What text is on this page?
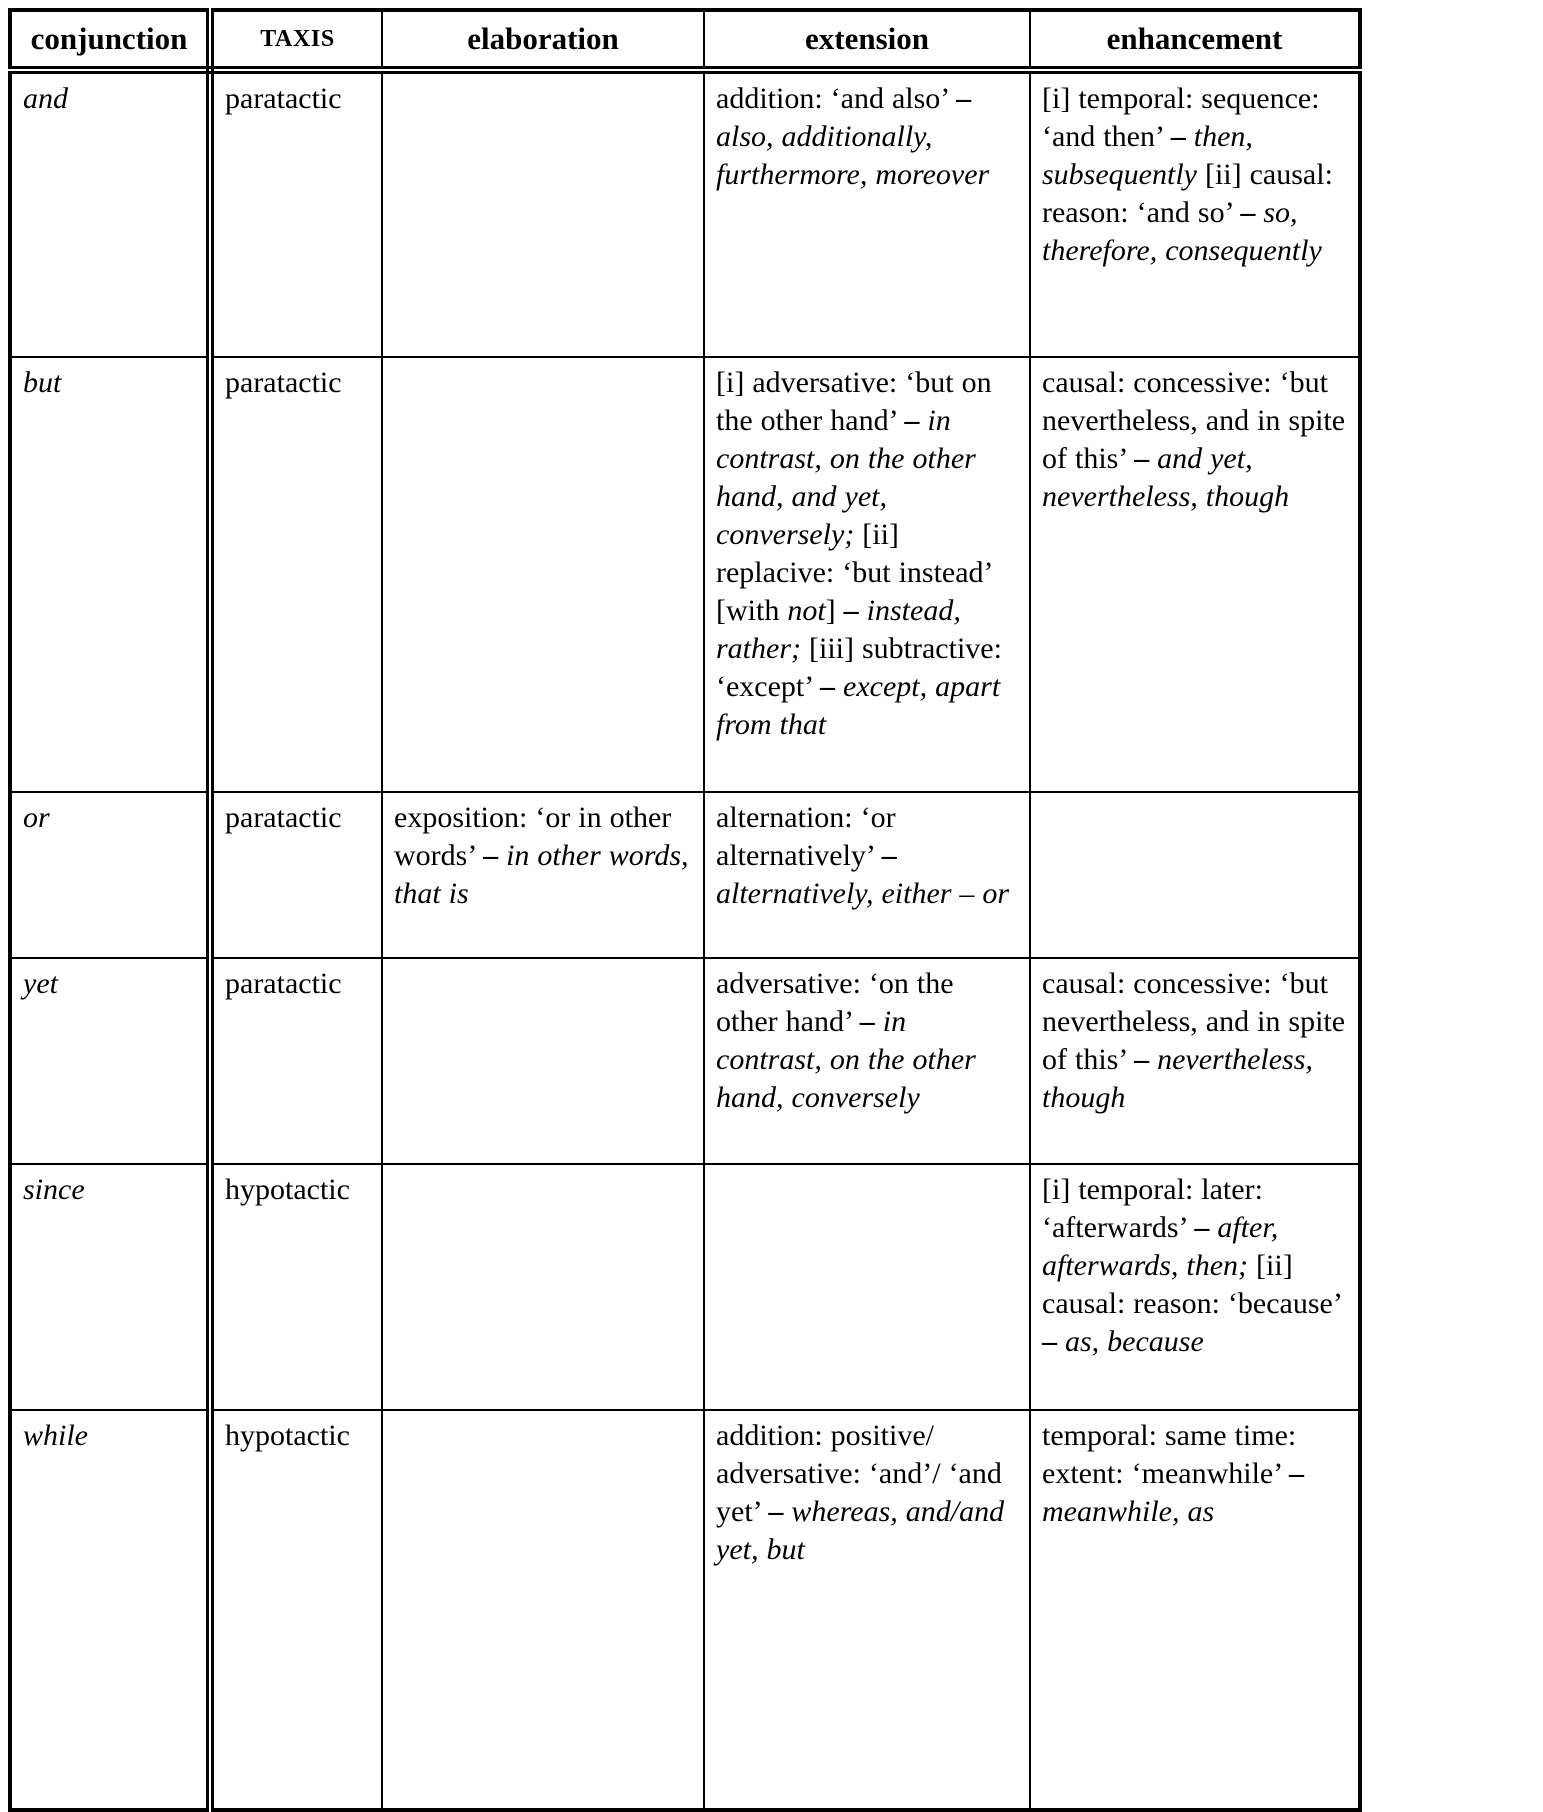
conjunction	TAXIS	elaboration	extension	enhancement
and	paratactic		addition: ‘and also’ – also, additionally, furthermore, moreover	[i] temporal: sequence: ‘and then’ – then, subsequently [ii] causal: reason: ‘and so’ – so, therefore, consequently
but	paratactic		[i] adversative: ‘but on the other hand’ – in contrast, on the other hand, and yet, conversely; [ii] replacive: ‘but instead’ [with not] – instead, rather; [iii] subtractive: ‘except’ – except, apart from that	causal: concessive: ‘but nevertheless, and in spite of this’ – and yet, nevertheless, though
or	paratactic	exposition: ‘or in other words’ – in other words, that is	alternation: ‘or alternatively’ – alternatively, either – or	
yet	paratactic		adversative: ‘on the other hand’ – in contrast, on the other hand, conversely	causal: concessive: ‘but nevertheless, and in spite of this’ – nevertheless, though
since	hypotactic			[i] temporal: later: ‘afterwards’ – after, afterwards, then; [ii] causal: reason: ‘because’ – as, because
while	hypotactic		addition: positive/ adversative: ‘and’/ ‘and yet’ – whereas, and/and yet, but	temporal: same time: extent: ‘meanwhile’ – meanwhile, as
